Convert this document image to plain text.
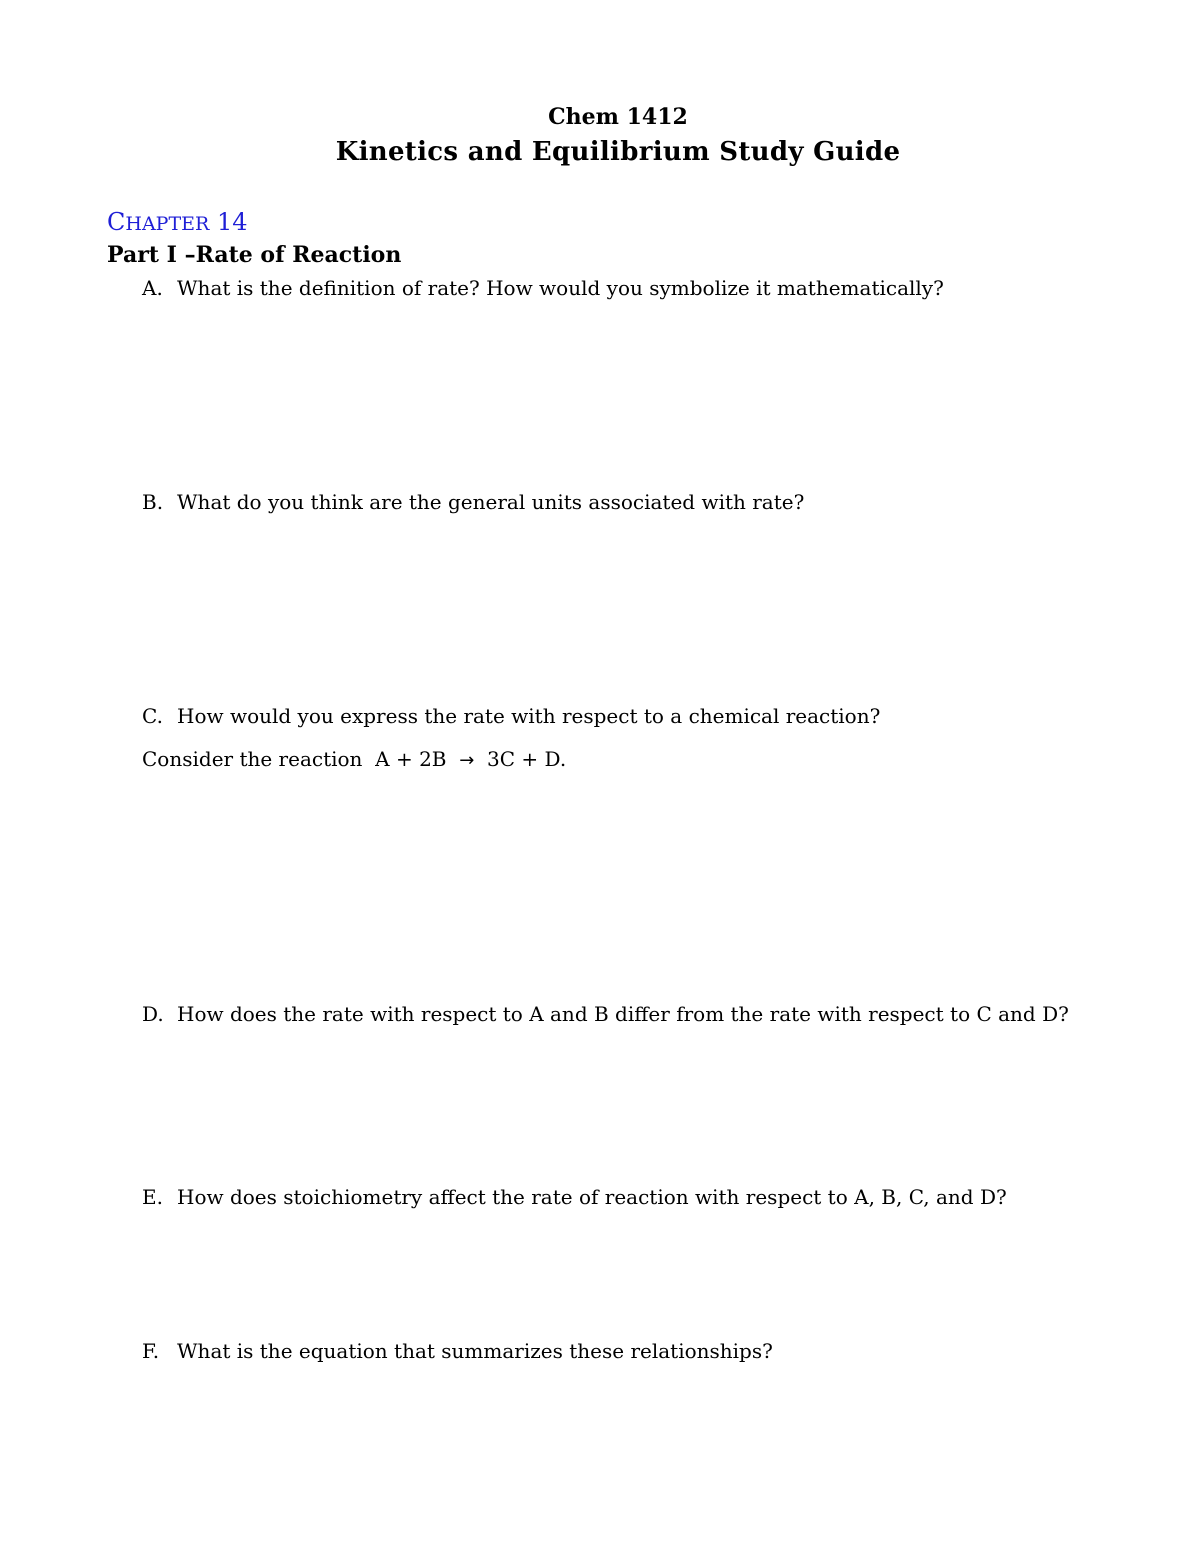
Chem 1412
Kinetics and Equilibrium Study Guide
CHAPTER 14
Part I –Rate of Reaction
A. What is the definition of rate? How would you symbolize it mathematically?
B. What do you think are the general units associated with rate?
C. How would you express the rate with respect to a chemical reaction?
Consider the reaction A + 2B → 3C + D.
D. How does the rate with respect to A and B differ from the rate with respect to C and D?
E. How does stoichiometry affect the rate of reaction with respect to A, B, C, and D?
F. What is the equation that summarizes these relationships?
